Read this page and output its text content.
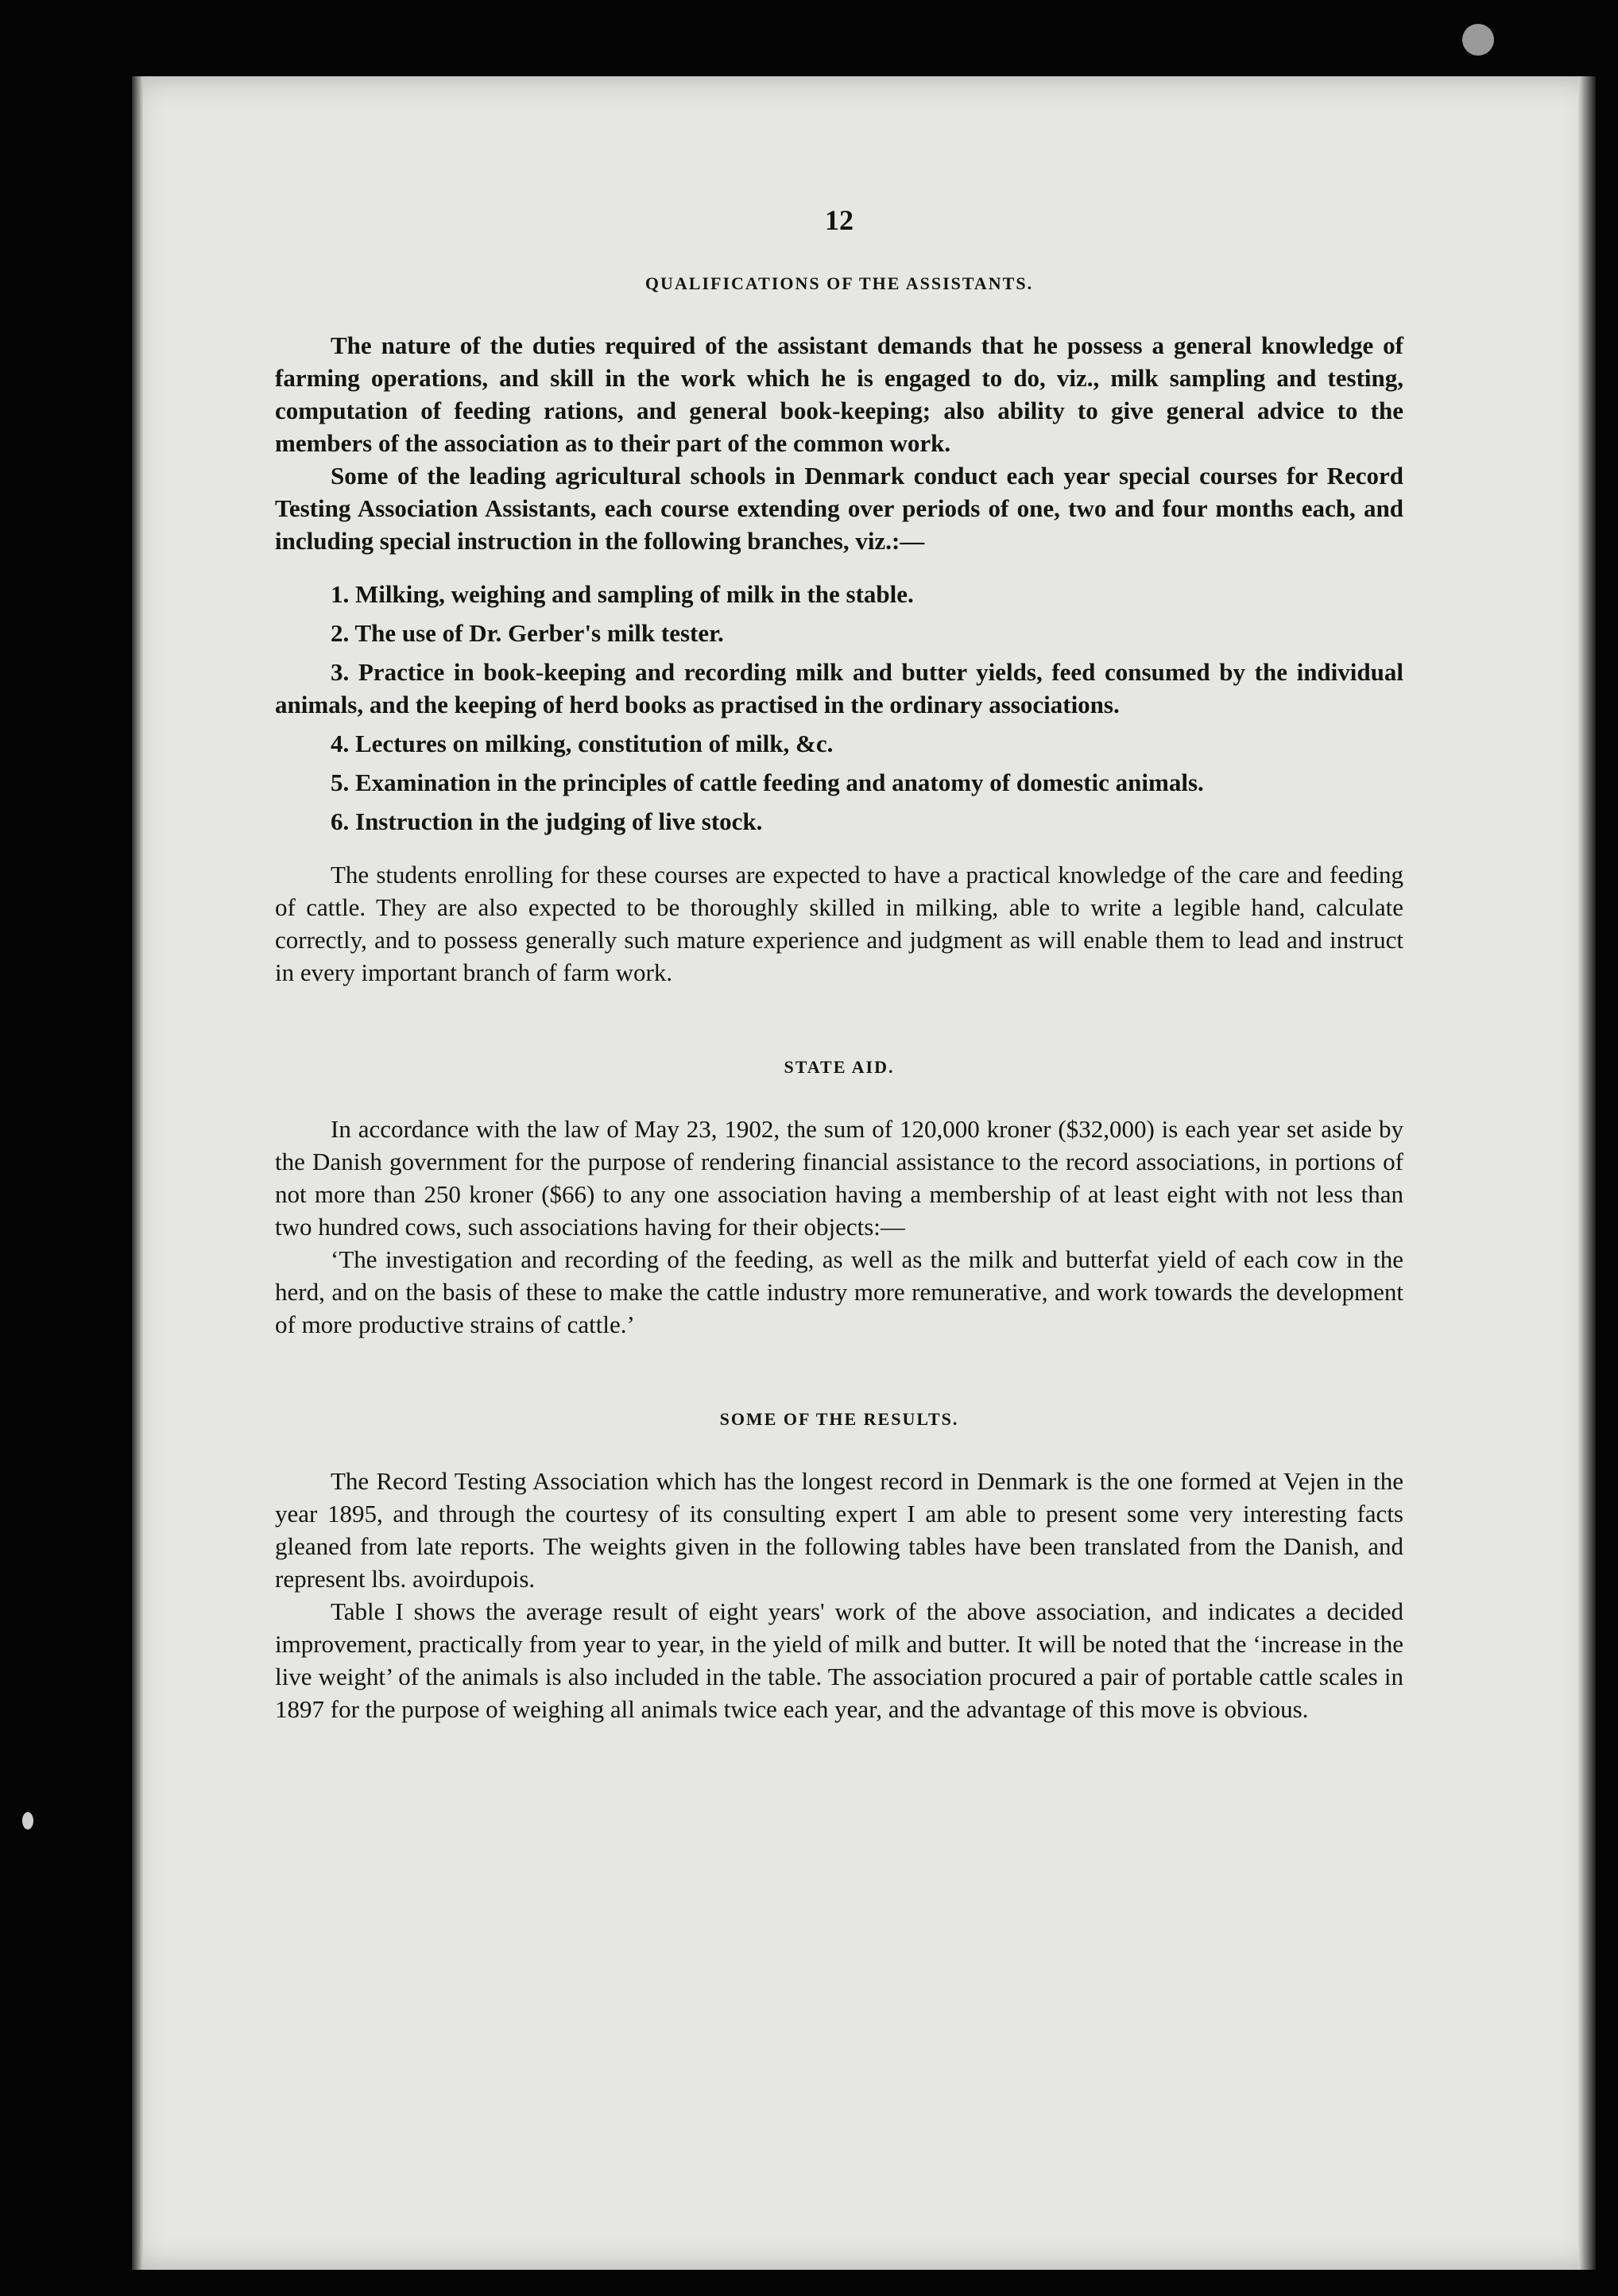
12
QUALIFICATIONS OF THE ASSISTANTS.

The nature of the duties required of the assistant demands that he possess a general knowledge of farming operations, and skill in the work which he is engaged to do, viz., milk sampling and testing, computation of feeding rations, and general book-keeping; also ability to give general advice to the members of the association as to their part of the common work.

Some of the leading agricultural schools in Denmark conduct each year special courses for Record Testing Association Assistants, each course extending over periods of one, two and four months each, and including special instruction in the following branches, viz.:—

1. Milking, weighing and sampling of milk in the stable.

2. The use of Dr. Gerber's milk tester.

3. Practice in book-keeping and recording milk and butter yields, feed consumed by the individual animals, and the keeping of herd books as practised in the ordinary associations.

4. Lectures on milking, constitution of milk, &c.

5. Examination in the principles of cattle feeding and anatomy of domestic animals.

6. Instruction in the judging of live stock.

The students enrolling for these courses are expected to have a practical knowledge of the care and feeding of cattle. They are also expected to be thoroughly skilled in milking, able to write a legible hand, calculate correctly, and to possess generally such mature experience and judgment as will enable them to lead and instruct in every important branch of farm work.

STATE AID.

In accordance with the law of May 23, 1902, the sum of 120,000 kroner ($32,000) is each year set aside by the Danish government for the purpose of rendering financial assistance to the record associations, in portions of not more than 250 kroner ($66) to any one association having a membership of at least eight with not less than two hundred cows, such associations having for their objects:—

‘The investigation and recording of the feeding, as well as the milk and butterfat yield of each cow in the herd, and on the basis of these to make the cattle industry more remunerative, and work towards the development of more productive strains of cattle.’

SOME OF THE RESULTS.

The Record Testing Association which has the longest record in Denmark is the one formed at Vejen in the year 1895, and through the courtesy of its consulting expert I am able to present some very interesting facts gleaned from late reports. The weights given in the following tables have been translated from the Danish, and represent lbs. avoirdupois.

Table I shows the average result of eight years' work of the above association, and indicates a decided improvement, practically from year to year, in the yield of milk and butter. It will be noted that the ‘increase in the live weight’ of the animals is also included in the table. The association procured a pair of portable cattle scales in 1897 for the purpose of weighing all animals twice each year, and the advantage of this move is obvious.
